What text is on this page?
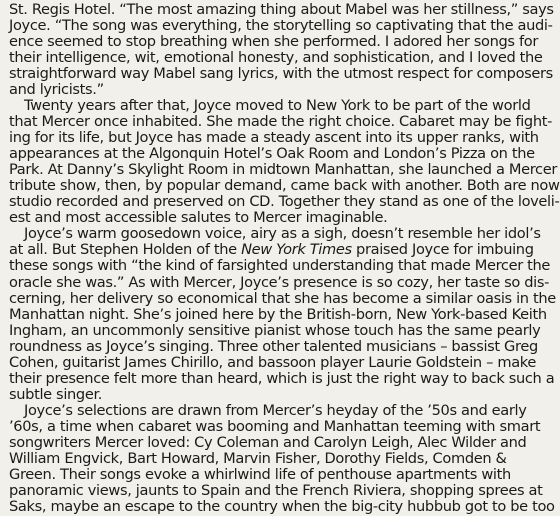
St. Regis Hotel. “The most amazing thing about Mabel was her stillness,” says
Joyce. “The song was everything, the storytelling so captivating that the audi-
ence seemed to stop breathing when she performed. I adored her songs for
their intelligence, wit, emotional honesty, and sophistication, and I loved the
straightforward way Mabel sang lyrics, with the utmost respect for composers
and lyricists.”
Twenty years after that, Joyce moved to New York to be part of the world
that Mercer once inhabited. She made the right choice. Cabaret may be fight-
ing for its life, but Joyce has made a steady ascent into its upper ranks, with
appearances at the Algonquin Hotel’s Oak Room and London’s Pizza on the
Park. At Danny’s Skylight Room in midtown Manhattan, she launched a Mercer
tribute show, then, by popular demand, came back with another. Both are now
studio recorded and preserved on CD. Together they stand as one of the loveli-
est and most accessible salutes to Mercer imaginable.
Joyce’s warm goosedown voice, airy as a sigh, doesn’t resemble her idol’s
at all. But Stephen Holden of the New York Times praised Joyce for imbuing
these songs with “the kind of farsighted understanding that made Mercer the
oracle she was.” As with Mercer, Joyce’s presence is so cozy, her taste so dis-
cerning, her delivery so economical that she has become a similar oasis in the
Manhattan night. She’s joined here by the British-born, New York-based Keith
Ingham, an uncommonly sensitive pianist whose touch has the same pearly
roundness as Joyce’s singing. Three other talented musicians – bassist Greg
Cohen, guitarist James Chirillo, and bassoon player Laurie Goldstein – make
their presence felt more than heard, which is just the right way to back such a
subtle singer.
Joyce’s selections are drawn from Mercer’s heyday of the ’50s and early
’60s, a time when cabaret was booming and Manhattan teeming with smart
songwriters Mercer loved: Cy Coleman and Carolyn Leigh, Alec Wilder and
William Engvick, Bart Howard, Marvin Fisher, Dorothy Fields, Comden &
Green. Their songs evoke a whirlwind life of penthouse apartments with
panoramic views, jaunts to Spain and the French Riviera, shopping sprees at
Saks, maybe an escape to the country when the big-city hubbub got to be too
